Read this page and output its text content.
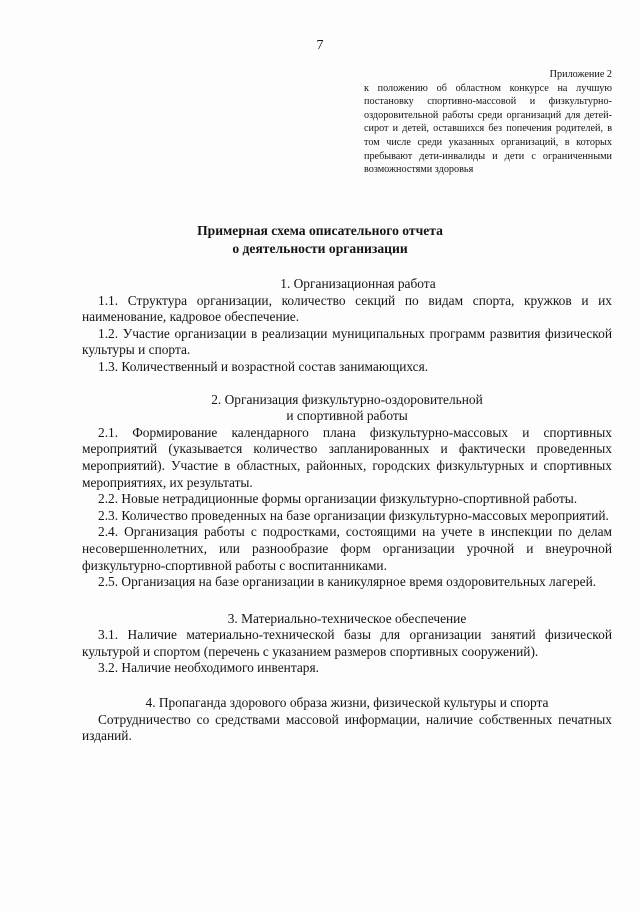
7
Приложение 2
к положению об областном конкурсе на лучшую постановку спортивно-массовой и физкультурно-оздоровительной работы среди организаций для детей-сирот и детей, оставшихся без попечения родителей, в том числе среди указанных организаций, в которых пребывают дети-инвалиды и дети с ограниченными возможностями здоровья
Примерная схема описательного отчета
о деятельности организации

1. Организационная работа

1.1. Структура организации, количество секций по видам спорта, кружков и их наименование, кадровое обеспечение.

1.2. Участие организации в реализации муниципальных программ развития физической культуры и спорта.

1.3. Количественный и возрастной состав занимающихся.

2. Организация физкультурно-оздоровительной

и спортивной работы

2.1. Формирование календарного плана физкультурно-массовых и спортивных мероприятий (указывается количество запланированных и фактически проведенных мероприятий). Участие в областных, районных, городских физкультурных и спортивных мероприятиях, их результаты.

2.2. Новые нетрадиционные формы организации физкультурно-спортивной работы.

2.3. Количество проведенных на базе организации физкультурно-массовых мероприятий.

2.4. Организация работы с подростками, состоящими на учете в инспекции по делам несовершеннолетних, или разнообразие форм организации урочной и внеурочной физкультурно-спортивной работы с воспитанниками.

2.5. Организация на базе организации в каникулярное время оздоровительных лагерей.

3. Материально-техническое обеспечение

3.1. Наличие материально-технической базы для организации занятий физической культурой и спортом (перечень с указанием размеров спортивных сооружений).

3.2. Наличие необходимого инвентаря.

4. Пропаганда здорового образа жизни, физической культуры и спорта

Сотрудничество со средствами массовой информации, наличие собственных печатных изданий.
